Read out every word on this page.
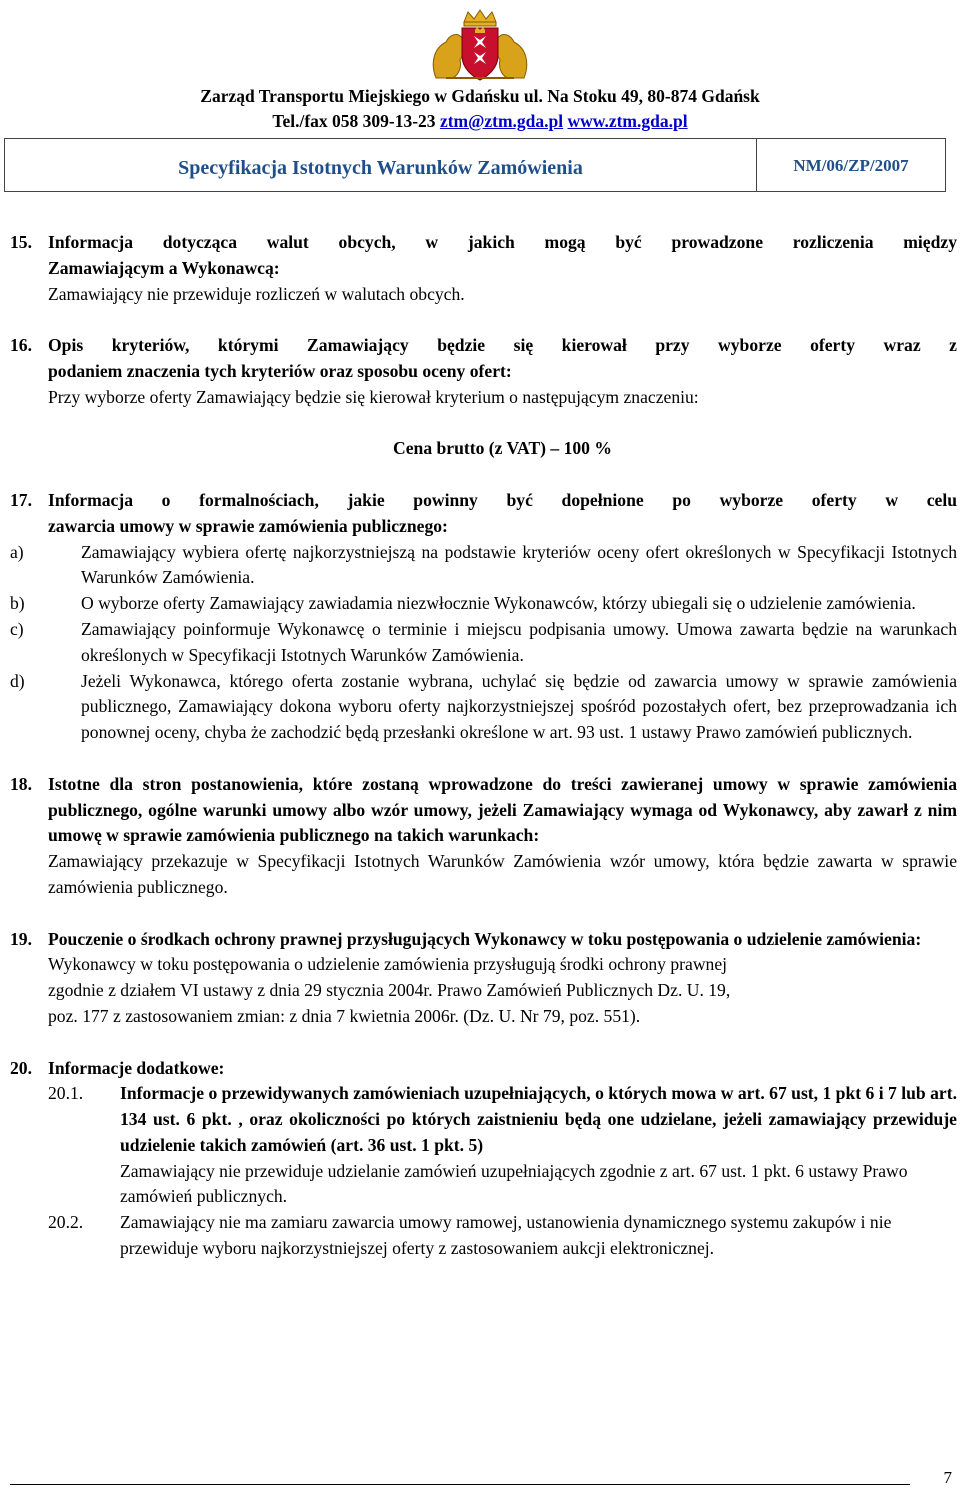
Zarząd Transportu Miejskiego w Gdańsku ul. Na Stoku 49, 80-874 Gdańsk
Tel./fax 058 309-13-23 ztm@ztm.gda.pl www.ztm.gda.pl
Specyfikacja Istotnych Warunków Zamówienia	NM/06/ZP/2007
15. Informacja dotycząca walut obcych, w jakich mogą być prowadzone rozliczenia między
Zamawiającym a Wykonawcą:
Zamawiający nie przewiduje rozliczeń w walutach obcych.
16. Opis kryteriów, którymi Zamawiający będzie się kierował przy wyborze oferty wraz z
podaniem znaczenia tych kryteriów oraz sposobu oceny ofert:
Przy wyborze oferty Zamawiający będzie się kierował kryterium o następującym znaczeniu:
Cena brutto (z VAT) – 100 %
17. Informacja o formalnościach, jakie powinny być dopełnione po wyborze oferty w celu
zawarcia umowy w sprawie zamówienia publicznego:
a)	Zamawiający wybiera ofertę najkorzystniejszą na podstawie kryteriów oceny ofert określonych w Specyfikacji Istotnych Warunków Zamówienia.
b)	O wyborze oferty Zamawiający zawiadamia niezwłocznie Wykonawców, którzy ubiegali się o udzielenie zamówienia.
c)	Zamawiający poinformuje Wykonawcę o terminie i miejscu podpisania umowy. Umowa zawarta będzie na warunkach określonych w Specyfikacji Istotnych Warunków Zamówienia.
d)	Jeżeli Wykonawca, którego oferta zostanie wybrana, uchylać się będzie od zawarcia umowy w sprawie zamówienia publicznego, Zamawiający dokona wyboru oferty najkorzystniejszej spośród pozostałych ofert, bez przeprowadzania ich ponownej oceny, chyba że zachodzić będą przesłanki określone w art. 93 ust. 1 ustawy Prawo zamówień publicznych.
18. Istotne dla stron postanowienia, które zostaną wprowadzone do treści zawieranej umowy w sprawie zamówienia publicznego, ogólne warunki umowy albo wzór umowy, jeżeli Zamawiający wymaga od Wykonawcy, aby zawarł z nim umowę w sprawie zamówienia publicznego na takich warunkach:
Zamawiający przekazuje w Specyfikacji Istotnych Warunków Zamówienia wzór umowy, która będzie zawarta w sprawie zamówienia publicznego.
19. Pouczenie o środkach ochrony prawnej przysługujących Wykonawcy w toku postępowania o udzielenie zamówienia:
Wykonawcy w toku postępowania o udzielenie zamówienia przysługują środki ochrony prawnej
zgodnie z działem VI ustawy z dnia 29 stycznia 2004r. Prawo Zamówień Publicznych Dz. U. 19,
poz. 177 z zastosowaniem zmian: z dnia 7 kwietnia 2006r. (Dz. U. Nr 79, poz. 551).
20. Informacje dodatkowe:
20.1.	Informacje o przewidywanych zamówieniach uzupełniających, o których mowa w art. 67 ust, 1 pkt 6 i 7 lub art. 134 ust. 6 pkt. , oraz okoliczności po których zaistnieniu będą one udzielane, jeżeli zamawiający przewiduje udzielenie takich zamówień (art. 36 ust. 1 pkt. 5)
Zamawiający nie przewiduje udzielanie zamówień uzupełniających zgodnie z art. 67 ust. 1 pkt. 6 ustawy Prawo zamówień publicznych.
20.2.	Zamawiający nie ma zamiaru zawarcia umowy ramowej, ustanowienia dynamicznego systemu zakupów i nie przewiduje wyboru najkorzystniejszej oferty z zastosowaniem aukcji elektronicznej.
7
